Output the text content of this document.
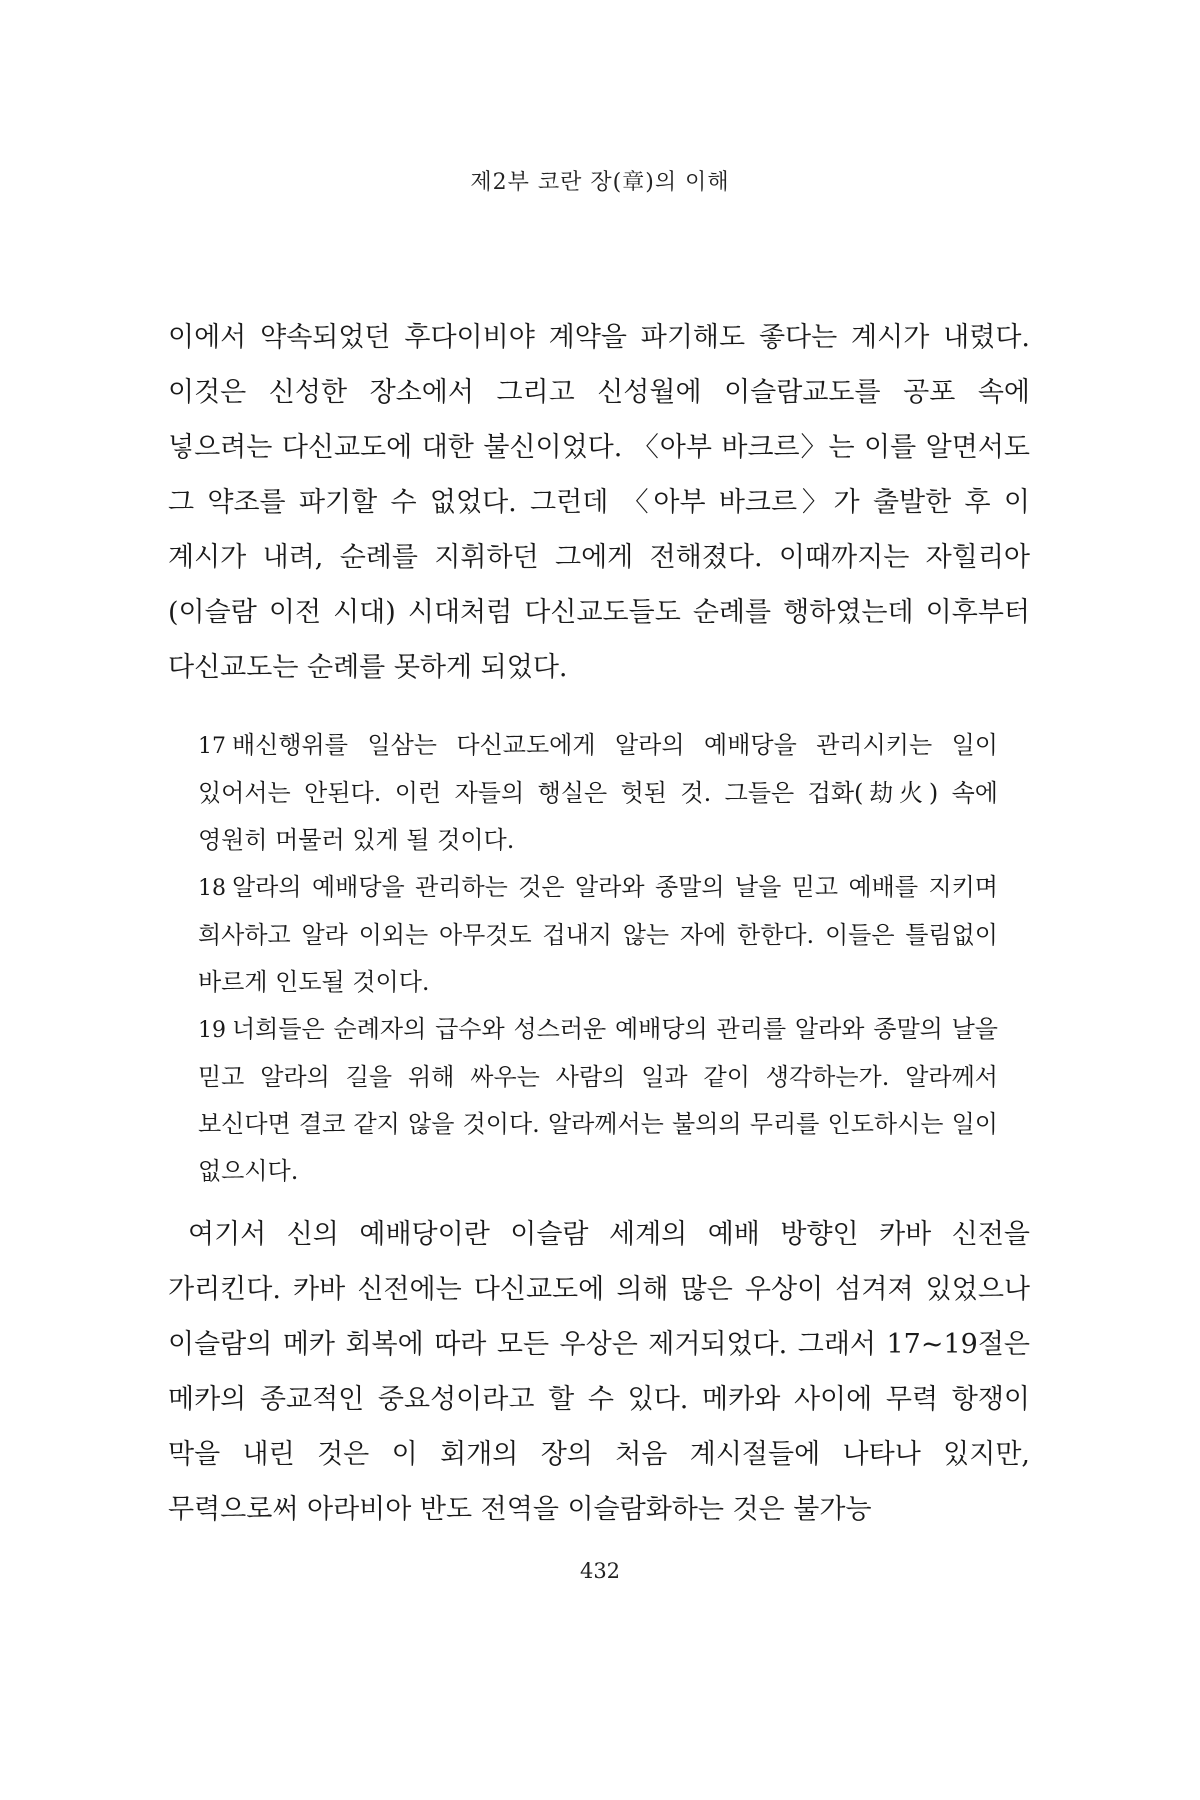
제2부 코란 장(章)의 이해

이에서 약속되었던 후다이비야 계약을 파기해도 좋다는 계시가 내렸다. 이것은 신성한 장소에서 그리고 신성월에 이슬람교도를 공포 속에 넣으려는 다신교도에 대한 불신이었다. 〈아부 바크르〉는 이를 알면서도 그 약조를 파기할 수 없었다. 그런데 〈아부 바크르〉가 출발한 후 이 계시가 내려, 순례를 지휘하던 그에게 전해졌다. 이때까지는 자힐리아(이슬람 이전 시대) 시대처럼 다신교도들도 순례를 행하였는데 이후부터 다신교도는 순례를 못하게 되었다.

17 배신행위를 일삼는 다신교도에게 알라의 예배당을 관리시키는 일이 있어서는 안된다. 이런 자들의 행실은 헛된 것. 그들은 겁화(劫火) 속에 영원히 머물러 있게 될 것이다.

18 알라의 예배당을 관리하는 것은 알라와 종말의 날을 믿고 예배를 지키며 희사하고 알라 이외는 아무것도 겁내지 않는 자에 한한다. 이들은 틀림없이 바르게 인도될 것이다.

19 너희들은 순례자의 급수와 성스러운 예배당의 관리를 알라와 종말의 날을 믿고 알라의 길을 위해 싸우는 사람의 일과 같이 생각하는가. 알라께서 보신다면 결코 같지 않을 것이다. 알라께서는 불의의 무리를 인도하시는 일이 없으시다.

여기서 신의 예배당이란 이슬람 세계의 예배 방향인 카바 신전을 가리킨다. 카바 신전에는 다신교도에 의해 많은 우상이 섬겨져 있었으나 이슬람의 메카 회복에 따라 모든 우상은 제거되었다. 그래서 17~19절은 메카의 종교적인 중요성이라고 할 수 있다. 메카와 사이에 무력 항쟁이 막을 내린 것은 이 회개의 장의 처음 계시절들에 나타나 있지만, 무력으로써 아라비아 반도 전역을 이슬람화하는 것은 불가능

432
